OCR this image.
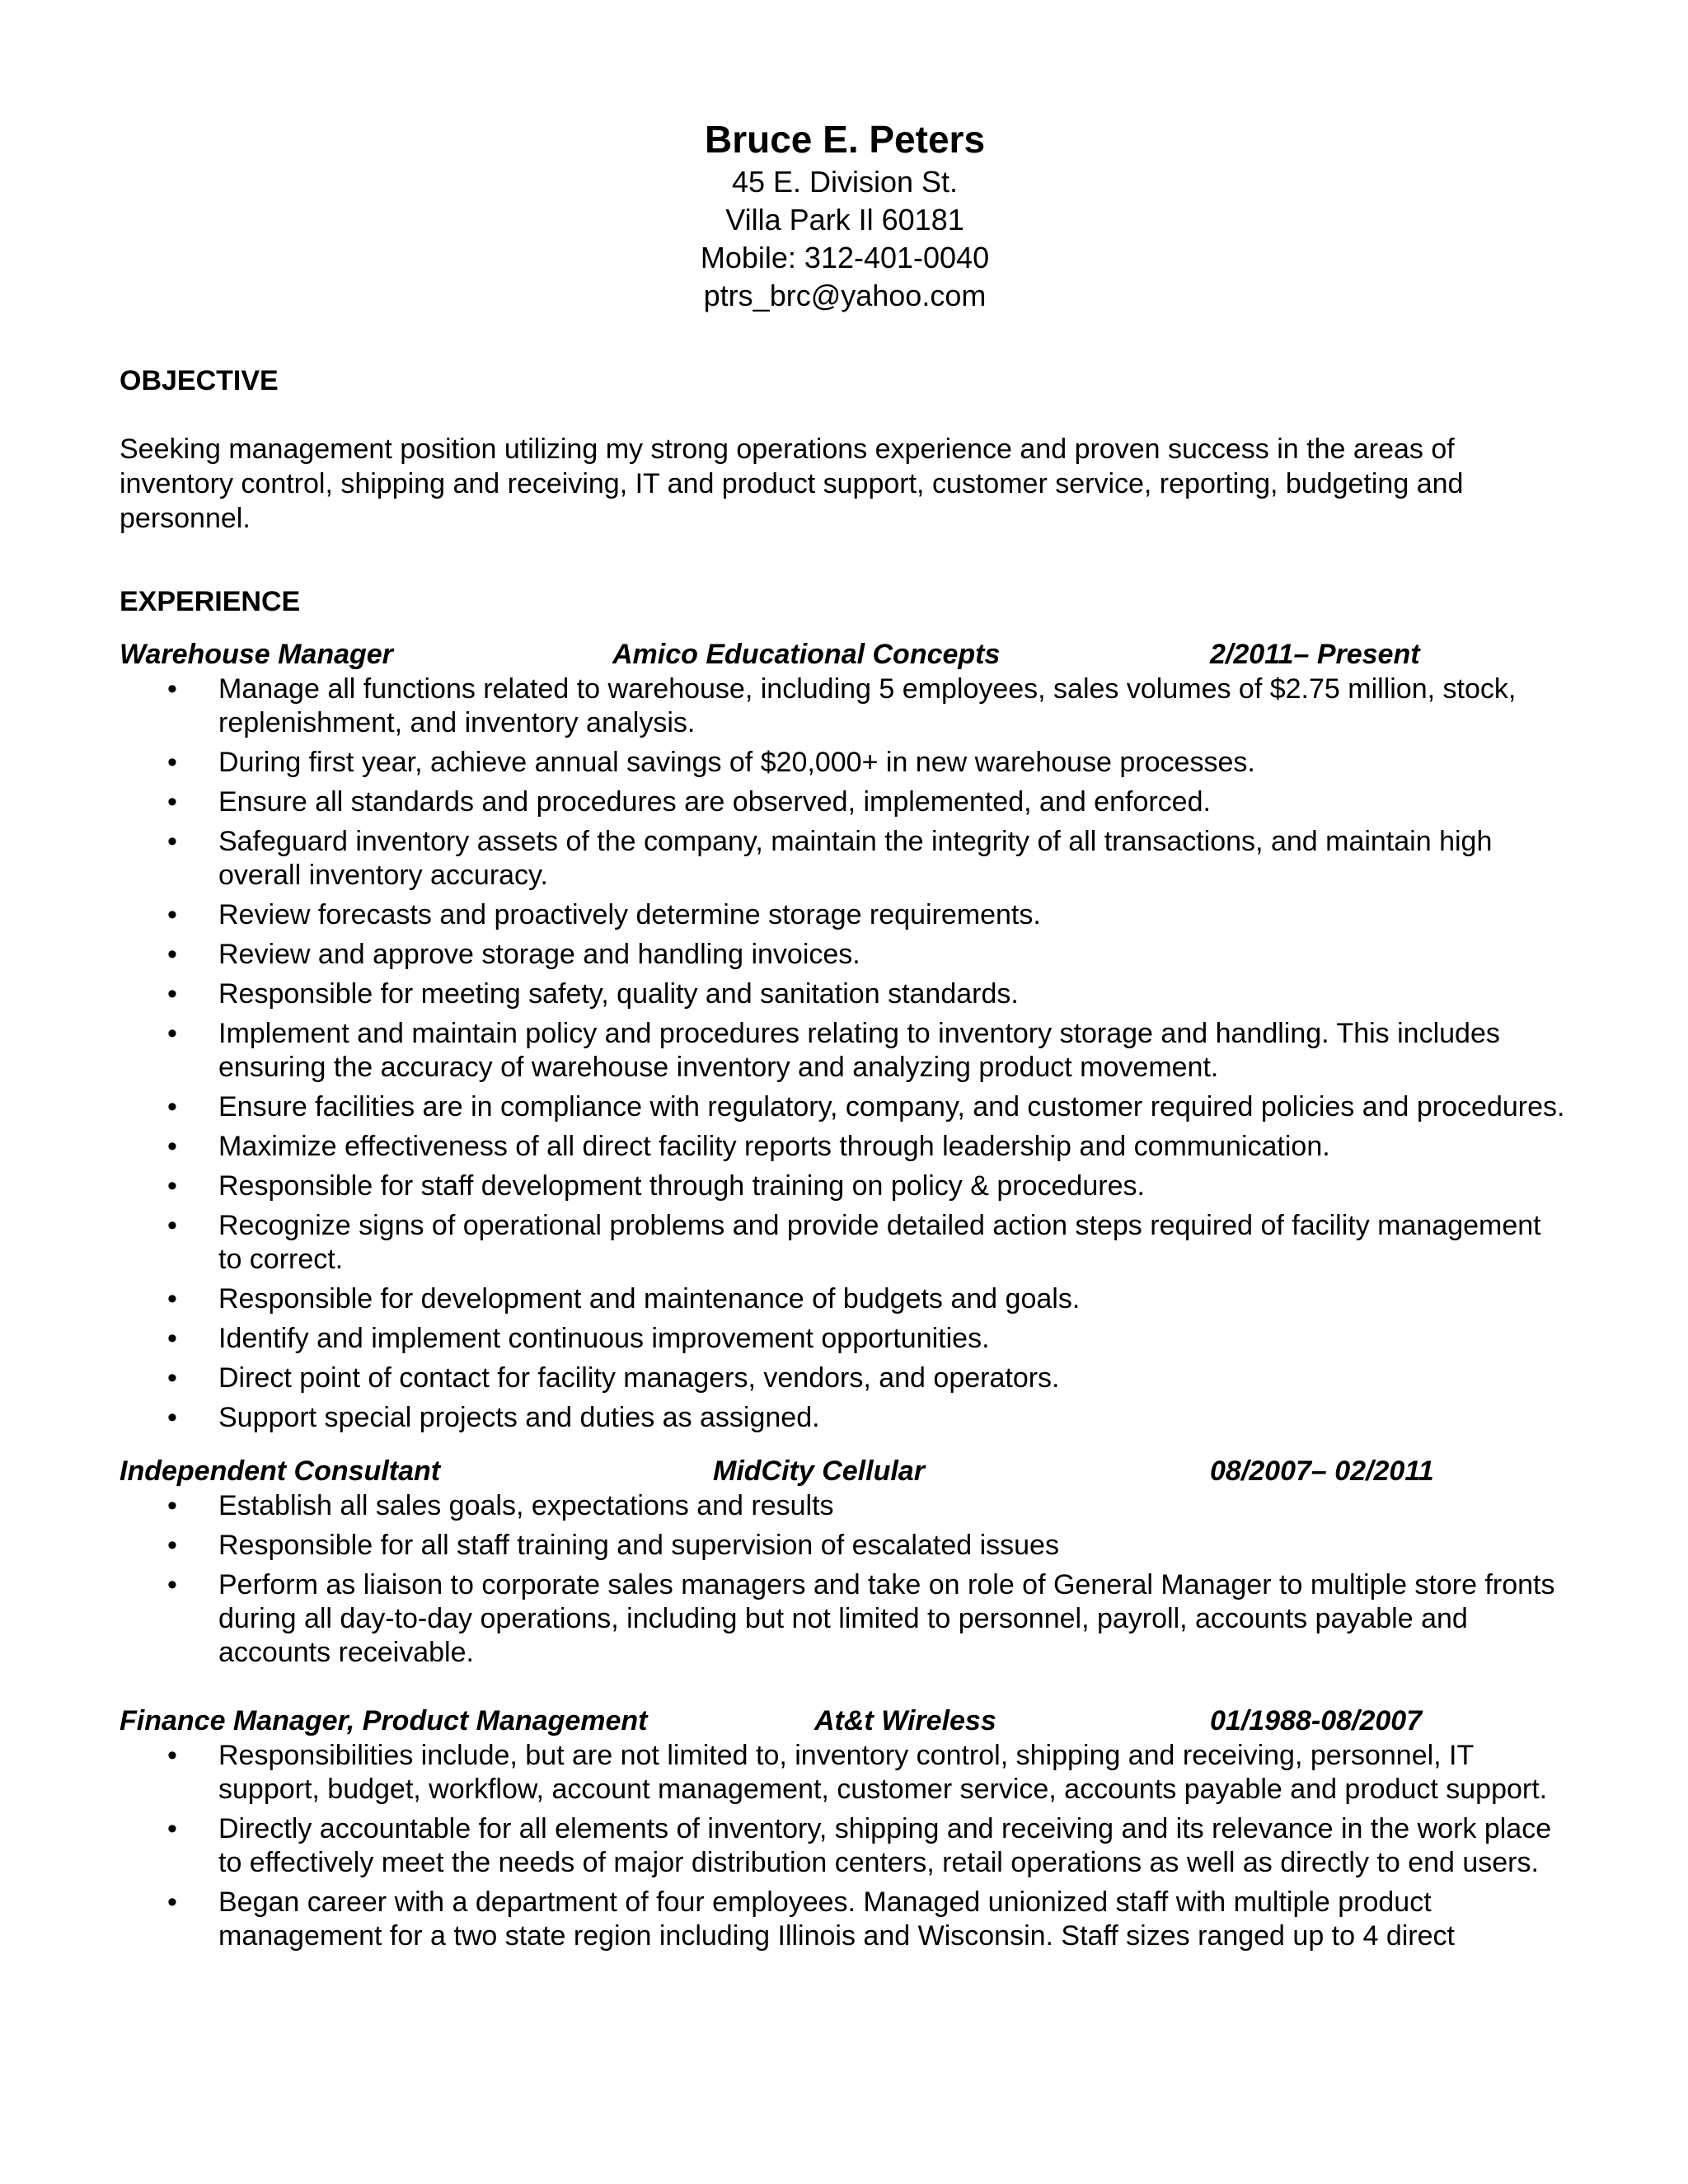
Bruce E. Peters
45 E. Division St.
Villa Park Il 60181
Mobile: 312-401-0040
ptrs_brc@yahoo.com
OBJECTIVE
Seeking management position utilizing my strong operations experience and proven success in the areas of inventory control, shipping and receiving, IT and product support, customer service, reporting, budgeting and personnel.
EXPERIENCE
Warehouse Manager	Amico Educational Concepts	2/2011– Present
• Manage all functions related to warehouse, including 5 employees, sales volumes of $2.75 million, stock, replenishment, and inventory analysis.
• During first year, achieve annual savings of $20,000+ in new warehouse processes.
• Ensure all standards and procedures are observed, implemented, and enforced.
• Safeguard inventory assets of the company, maintain the integrity of all transactions, and maintain high overall inventory accuracy.
• Review forecasts and proactively determine storage requirements.
• Review and approve storage and handling invoices.
• Responsible for meeting safety, quality and sanitation standards.
• Implement and maintain policy and procedures relating to inventory storage and handling. This includes ensuring the accuracy of warehouse inventory and analyzing product movement.
• Ensure facilities are in compliance with regulatory, company, and customer required policies and procedures.
• Maximize effectiveness of all direct facility reports through leadership and communication.
• Responsible for staff development through training on policy & procedures.
• Recognize signs of operational problems and provide detailed action steps required of facility management to correct.
• Responsible for development and maintenance of budgets and goals.
• Identify and implement continuous improvement opportunities.
• Direct point of contact for facility managers, vendors, and operators.
• Support special projects and duties as assigned.
Independent Consultant	MidCity Cellular	08/2007– 02/2011
• Establish all sales goals, expectations and results
• Responsible for all staff training and supervision of escalated issues
• Perform as liaison to corporate sales managers and take on role of General Manager to multiple store fronts during all day-to-day operations, including but not limited to personnel, payroll, accounts payable and accounts receivable.
Finance Manager, Product Management	At&t Wireless	01/1988-08/2007
• Responsibilities include, but are not limited to, inventory control, shipping and receiving, personnel, IT support, budget, workflow, account management, customer service, accounts payable and product support.
• Directly accountable for all elements of inventory, shipping and receiving and its relevance in the work place to effectively meet the needs of major distribution centers, retail operations as well as directly to end users.
• Began career with a department of four employees. Managed unionized staff with multiple product management for a two state region including Illinois and Wisconsin. Staff sizes ranged up to 4 direct
